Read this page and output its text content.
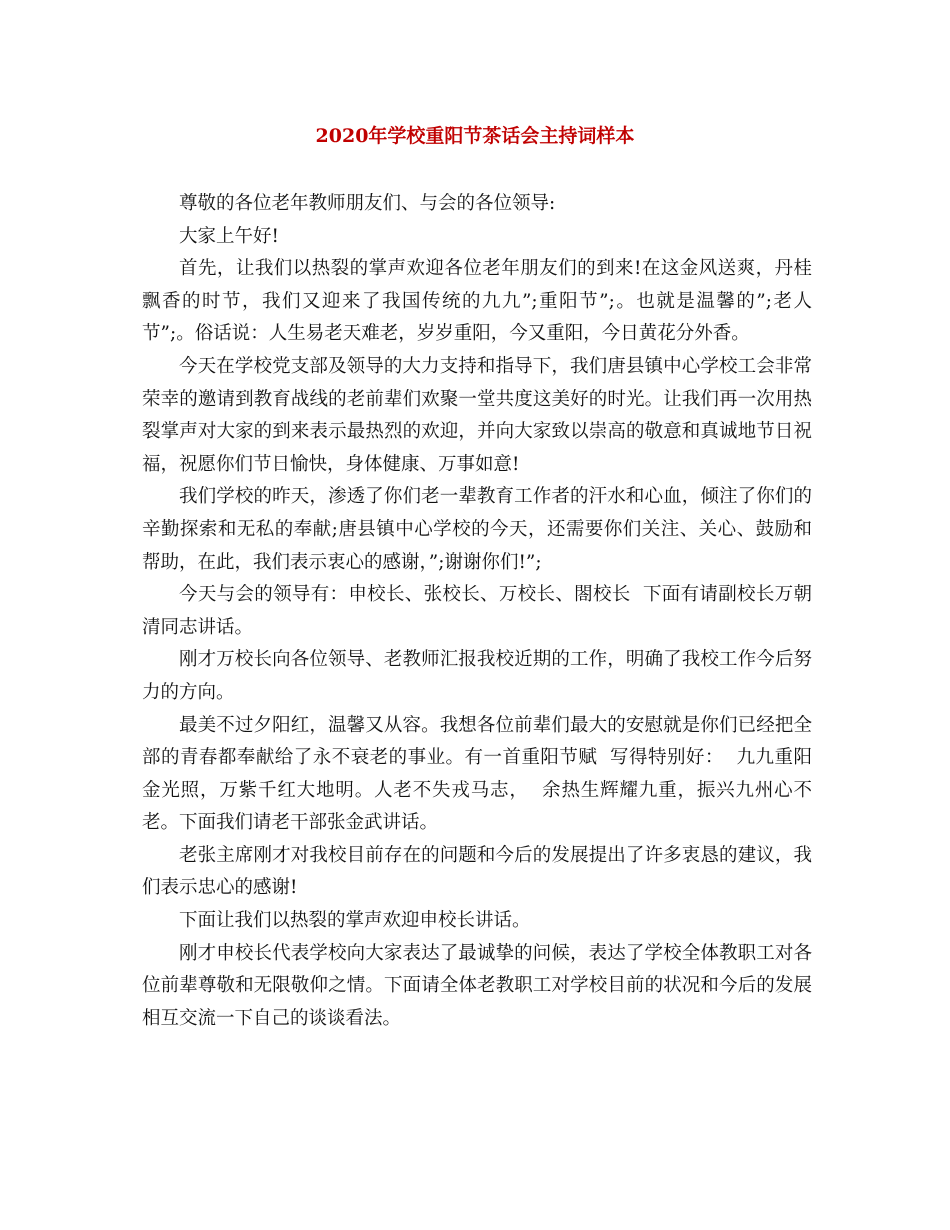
2020年学校重阳节茶话会主持词样本

尊敬的各位老年教师朋友们、与会的各位领导:

大家上午好!

首先，让我们以热裂的掌声欢迎各位老年朋友们的到来!在这金风送爽，丹桂飘香的时节，我们又迎来了我国传统的九九”;重阳节”;。也就是温馨的”;老人节”;。俗话说：人生易老天难老，岁岁重阳，今又重阳，今日黄花分外香。

今天在学校党支部及领导的大力支持和指导下，我们唐县镇中心学校工会非常荣幸的邀请到教育战线的老前辈们欢聚一堂共度这美好的时光。让我们再一次用热裂掌声对大家的到来表示最热烈的欢迎，并向大家致以崇高的敬意和真诚地节日祝福，祝愿你们节日愉快，身体健康、万事如意!

我们学校的昨天，渗透了你们老一辈教育工作者的汗水和心血，倾注了你们的辛勤探索和无私的奉献;唐县镇中心学校的今天，还需要你们关注、关心、鼓励和帮助，在此，我们表示衷心的感谢，”;谢谢你们!”;

今天与会的领导有：申校长、张校长、万校长、閤校长  下面有请副校长万朝清同志讲话。

刚才万校长向各位领导、老教师汇报我校近期的工作，明确了我校工作今后努力的方向。

最美不过夕阳红，温馨又从容。我想各位前辈们最大的安慰就是你们已经把全部的青春都奉献给了永不衰老的事业。有一首重阳节赋  写得特别好：  九九重阳金光照，万紫千红大地明。人老不失戎马志，  余热生辉耀九重，振兴九州心不老。下面我们请老干部张金武讲话。

老张主席刚才对我校目前存在的问题和今后的发展提出了许多衷恳的建议，我们表示忠心的感谢!

下面让我们以热裂的掌声欢迎申校长讲话。

刚才申校长代表学校向大家表达了最诚挚的问候，表达了学校全体教职工对各位前辈尊敬和无限敬仰之情。下面请全体老教职工对学校目前的状况和今后的发展相互交流一下自己的谈谈看法。
